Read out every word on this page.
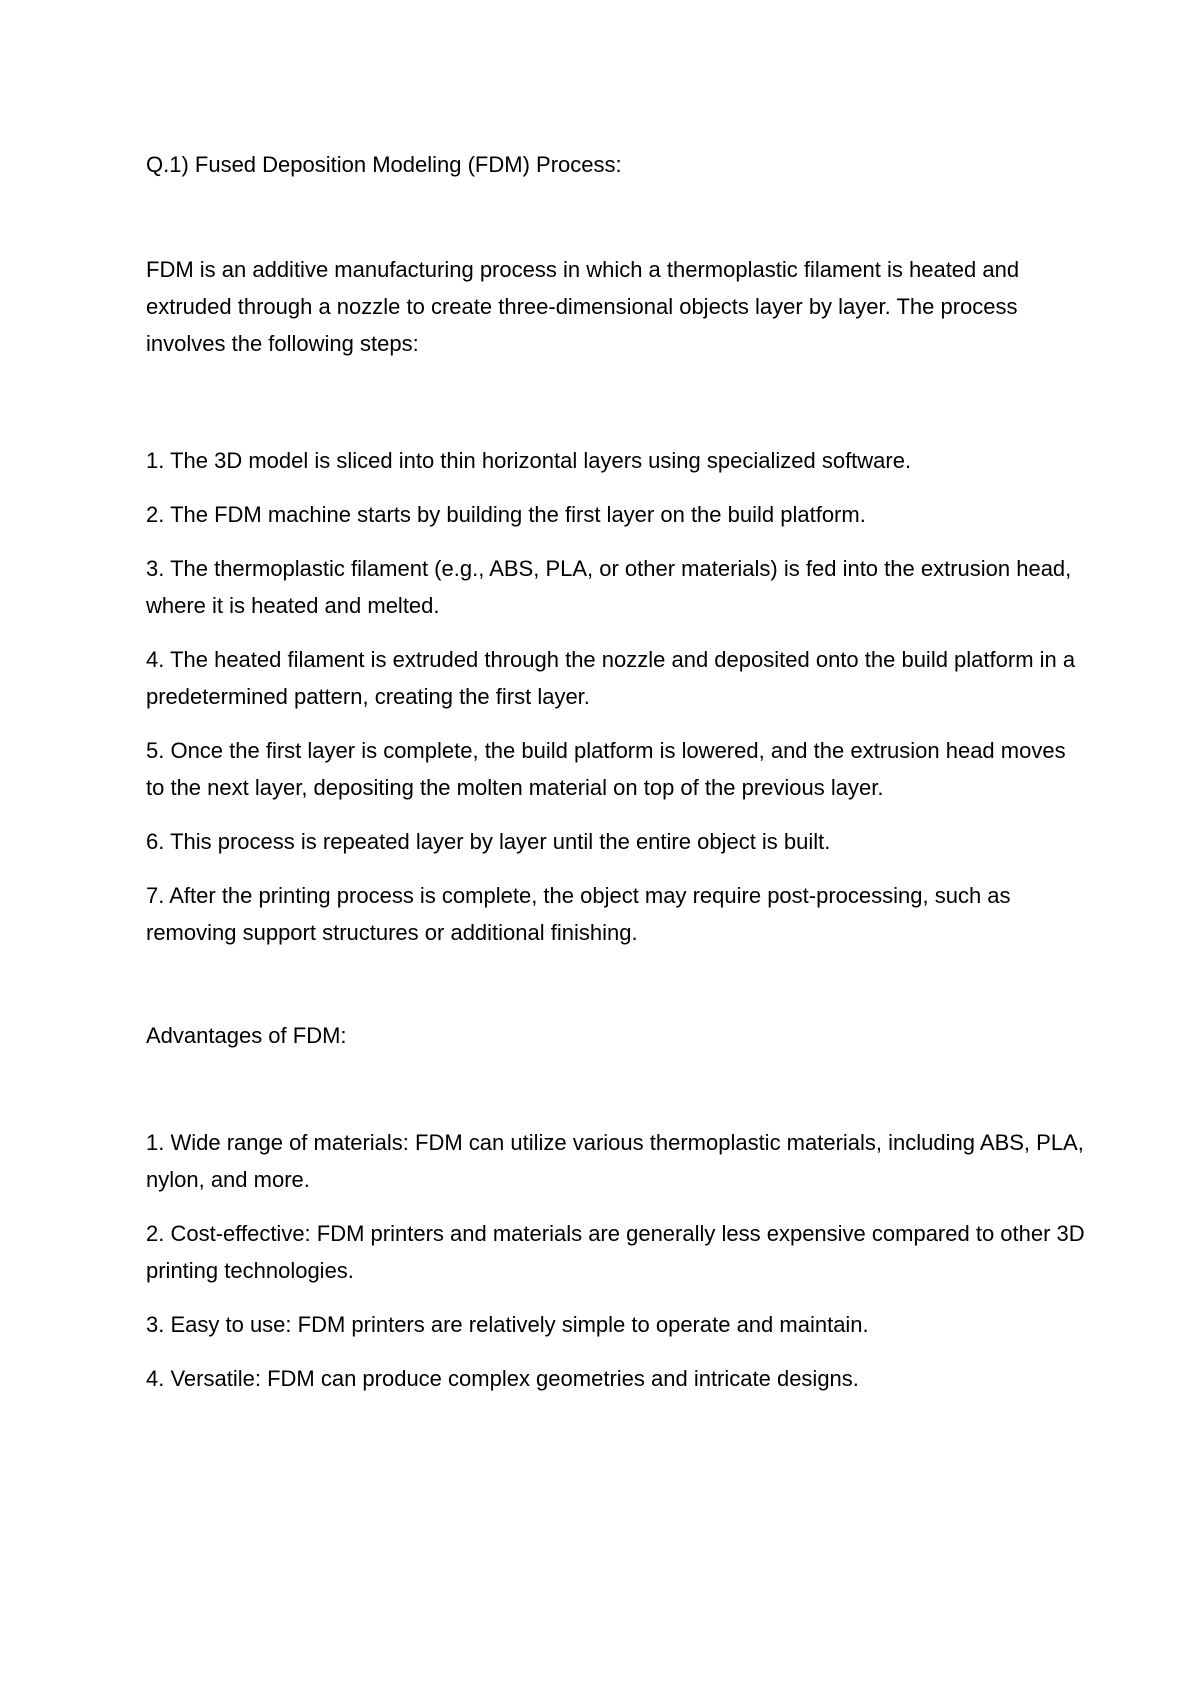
Q.1) Fused Deposition Modeling (FDM) Process:

FDM is an additive manufacturing process in which a thermoplastic filament is heated and extruded through a nozzle to create three-dimensional objects layer by layer. The process involves the following steps:

1. The 3D model is sliced into thin horizontal layers using specialized software.

2. The FDM machine starts by building the first layer on the build platform.

3. The thermoplastic filament (e.g., ABS, PLA, or other materials) is fed into the extrusion head, where it is heated and melted.

4. The heated filament is extruded through the nozzle and deposited onto the build platform in a predetermined pattern, creating the first layer.

5. Once the first layer is complete, the build platform is lowered, and the extrusion head moves to the next layer, depositing the molten material on top of the previous layer.

6. This process is repeated layer by layer until the entire object is built.

7. After the printing process is complete, the object may require post-processing, such as removing support structures or additional finishing.

Advantages of FDM:

1. Wide range of materials: FDM can utilize various thermoplastic materials, including ABS, PLA, nylon, and more.

2. Cost-effective: FDM printers and materials are generally less expensive compared to other 3D printing technologies.

3. Easy to use: FDM printers are relatively simple to operate and maintain.

4. Versatile: FDM can produce complex geometries and intricate designs.
